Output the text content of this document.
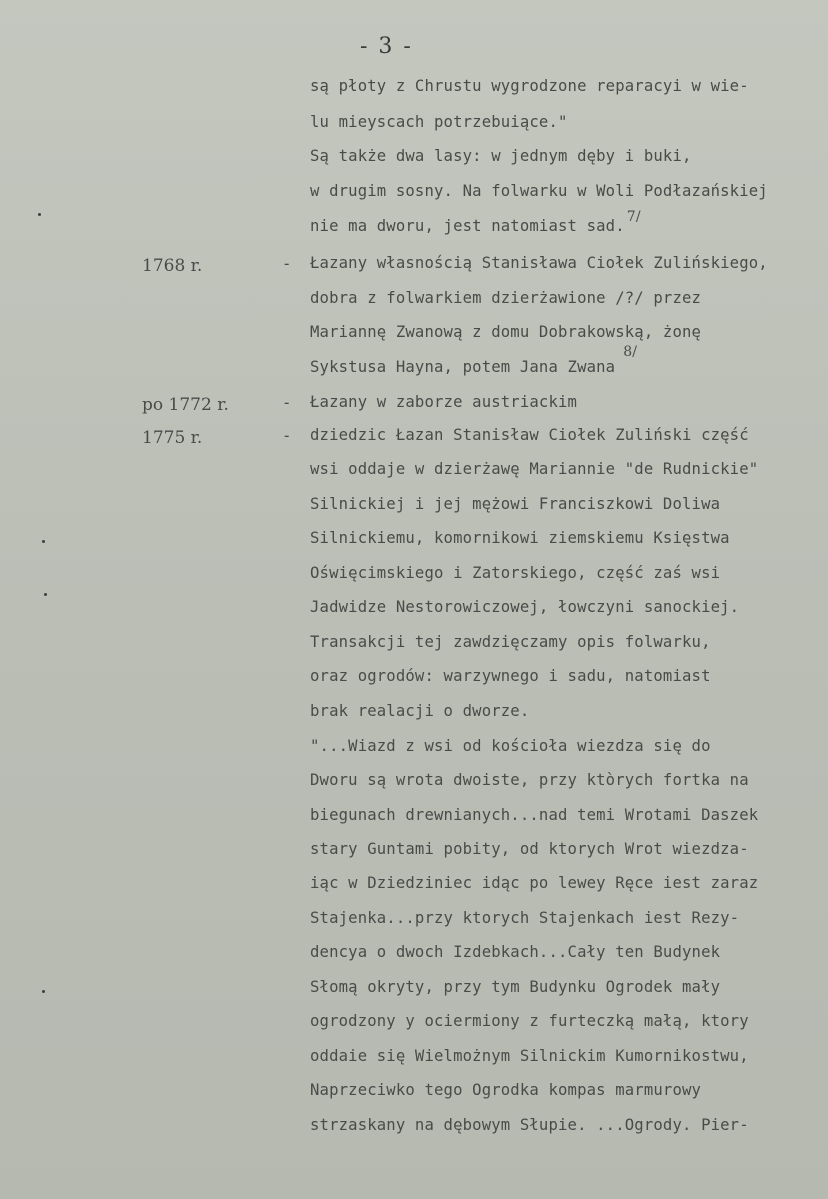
- 3 -
są płoty z Chrustu wygrodzone reparacyi w wie-
lu mieyscach potrzebuiące."
Są także dwa lasy: w jednym dęby i buki,
w drugim sosny. Na folwarku w Woli Podłazańskiej
nie ma dworu, jest natomiast sad. 7/
1768 r.	- Łazany własnością Stanisława Ciołek Zulińskiego,
dobra z folwarkiem dzierżawione /?/ przez
Mariannę Zwanową z domu Dobrakowską, żonę
Sykstusa Hayna, potem Jana Zwana8/
po 1772 r.	- Łazany w zaborze austriackim
1775 r.	- dziedzic Łazan Stanisław Ciołek Zuliński część
wsi oddaje w dzierżawę Mariannie "de Rudnickie"
Silnickiej i jej mężowi Franciszkowi Doliwa
Silnickiemu, komornikowi ziemskiemu Księstwa
Oświęcimskiego i Zatorskiego, część zaś wsi
Jadwidze Nestorowiczowej, łowczyni sanockiej.
Transakcji tej zawdzięczamy opis folwarku,
oraz ogrodów: warzywnego i sadu, natomiast
brak realacji o dworze.
"...Wiazd z wsi od kościoła wiezdza się do
Dworu są wrota dwoiste, przy ktòrych fortka na
biegunach drewnianych...nad temi Wrotami Daszek
stary Guntami pobity, od ktorych Wrot wiezdza-
iąc w Dziedziniec idąc po lewey Ręce iest zaraz
Stajenka...przy ktorych Stajenkach iest Rezy-
dencya o dwoch Izdebkach...Cały ten Budynek
Słomą okryty, przy tym Budynku Ogrodek mały
ogrodzony y ociermiony z furteczką małą, ktory
oddaie się Wielmożnym Silnickim Kumornikostwu,
Naprzeciwko tego Ogrodka kompas marmurowy
strzaskany na dębowym Słupie. ...Ogrody. Pier-
